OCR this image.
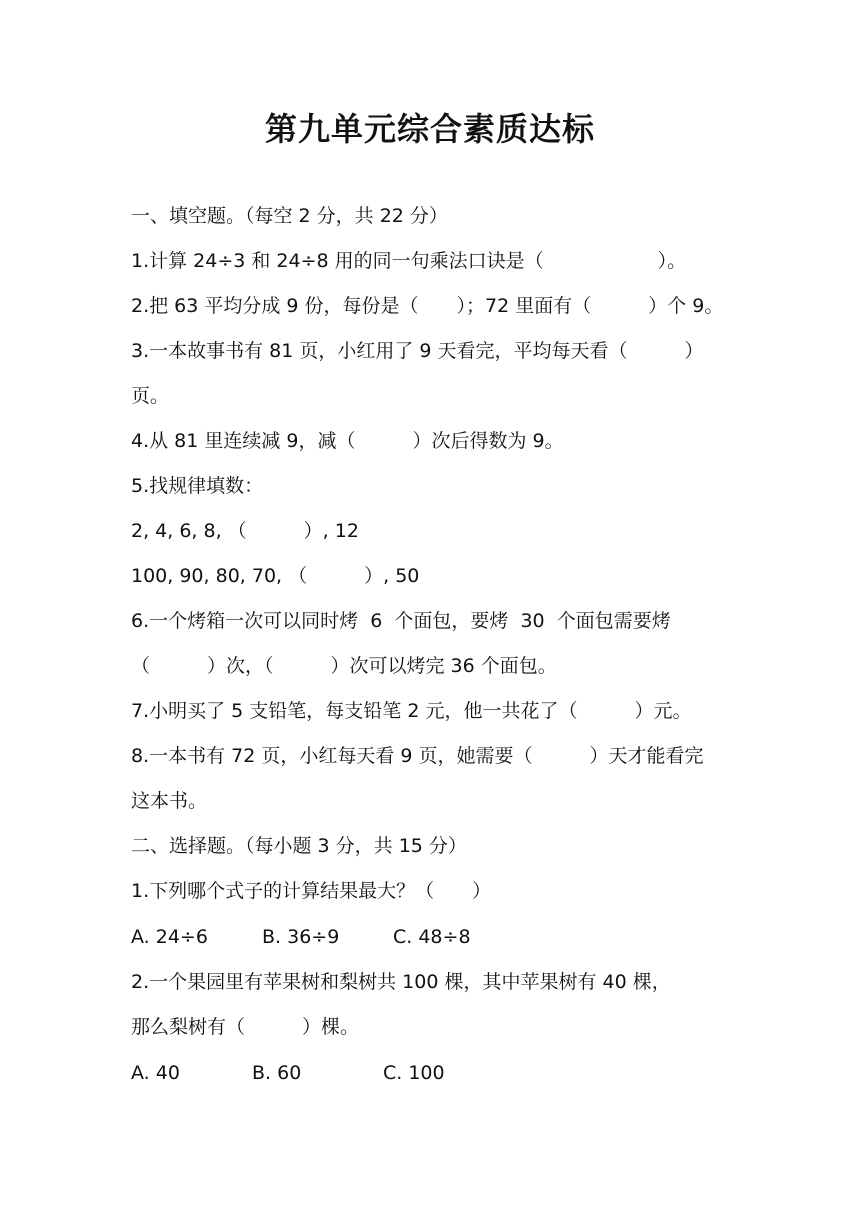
第九单元综合素质达标
一、填空题。（每空 2 分，共 22 分）
1.计算 24÷3 和 24÷8 用的同一句乘法口诀是（　　　　　　）。
2.把 63 平均分成 9 份，每份是（　　）；72 里面有（　　　）个 9。
3.一本故事书有 81 页，小红用了 9 天看完，平均每天看（　　　）
页。
4.从 81 里连续减 9，减（　　　）次后得数为 9。
5.找规律填数：
2, 4, 6, 8, （　　　）, 12
100, 90, 80, 70, （　　　）, 50
6.一个烤箱一次可以同时烤  6  个面包，要烤  30  个面包需要烤
（　　　）次，（　　　）次可以烤完 36 个面包。
7.小明买了 5 支铅笔，每支铅笔 2 元，他一共花了（　　　）元。
8.一本书有 72 页，小红每天看 9 页，她需要（　　　）天才能看完
这本书。
二、选择题。（每小题 3 分，共 15 分）
1.下列哪个式子的计算结果最大？（　　）
A. 24÷6	B. 36÷9	C. 48÷8
2.一个果园里有苹果树和梨树共 100 棵，其中苹果树有 40 棵，
那么梨树有（　　　）棵。
A. 40	B. 60	C. 100
